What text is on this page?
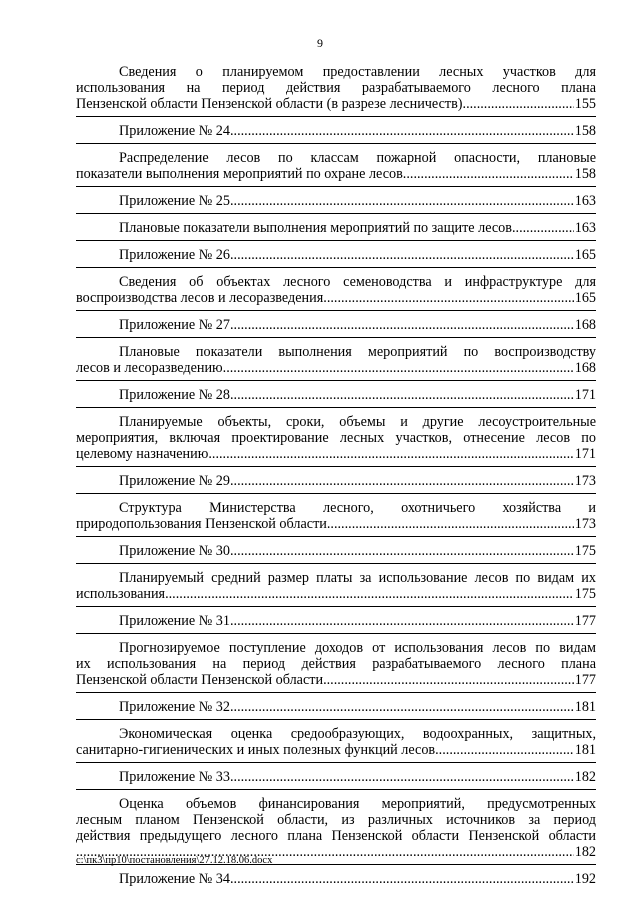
9

Сведения о планируемом предоставлении лесных участков для

использования на период действия разрабатываемого лесного плана

Пензенской области Пензенской области (в разрезе лесничеств) .....	155
Приложение № 24 .....	158

Распределение лесов по классам пожарной опасности, плановые

показатели выполнения мероприятий по охране лесов .....	158
Приложение № 25 .....	163
Плановые показатели выполнения мероприятий по защите лесов .....	163
Приложение № 26 .....	165

Сведения об объектах лесного семеноводства и инфраструктуре для

воспроизводства лесов и лесоразведения .....	165
Приложение № 27 .....	168

Плановые показатели выполнения мероприятий по воспроизводству

лесов и лесоразведению .....	168
Приложение № 28 .....	171

Планируемые объекты, сроки, объемы и другие лесоустроительные

мероприятия, включая проектирование лесных участков, отнесение лесов по

целевому назначению .....	171
Приложение № 29 .....	173

Структура Министерства лесного, охотничьего хозяйства и

природопользования Пензенской области .....	173
Приложение № 30 .....	175

Планируемый средний размер платы за использование лесов по видам их

использования .....	175
Приложение № 31 .....	177

Прогнозируемое поступление доходов от использования лесов по видам

их использования на период действия разрабатываемого лесного плана

Пензенской области Пензенской области .....	177
Приложение № 32 .....	181

Экономическая оценка средообразующих, водоохранных, защитных,

санитарно-гигиенических и иных полезных функций лесов .....	181
Приложение № 33 .....	182

Оценка объемов финансирования мероприятий, предусмотренных

лесным планом Пензенской области, из различных источников за период

действия предыдущего лесного плана Пензенской области Пензенской области

.....
182
Приложение № 34 .....	192
c:\пк3\пр10\постановления\27.12.18.06.docx
